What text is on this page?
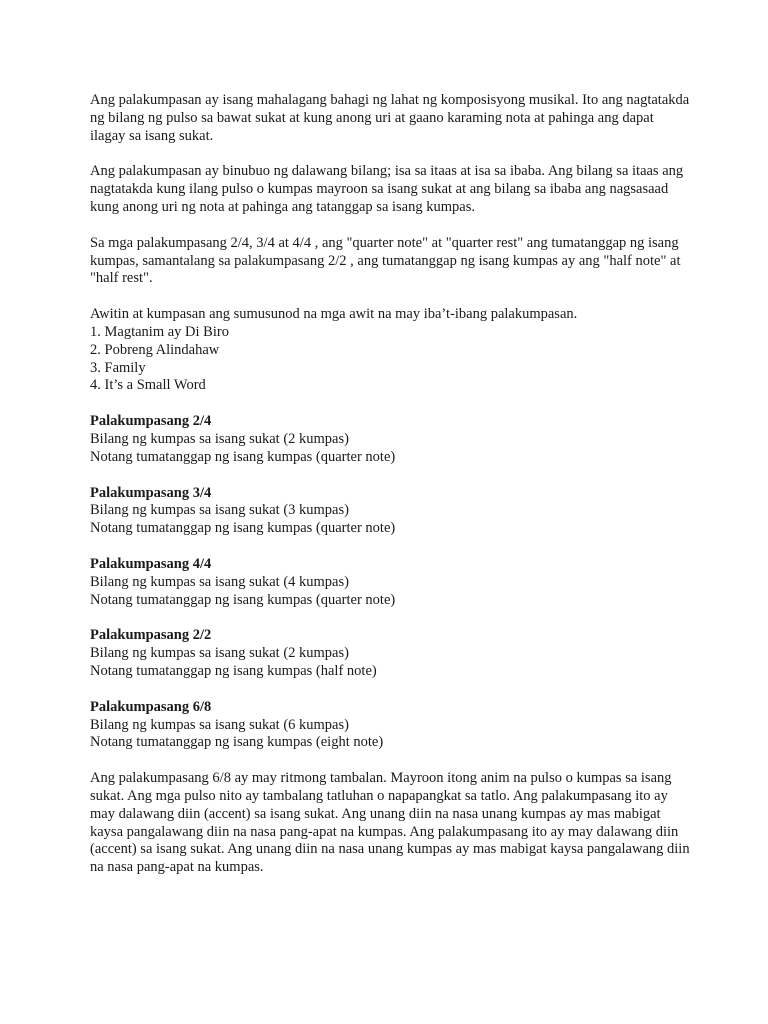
Ang palakumpasan ay isang mahalagang bahagi ng lahat ng komposisyong musikal. Ito ang nagtatakda ng bilang ng pulso sa bawat sukat at kung anong uri at gaano karaming nota at pahinga ang dapat ilagay sa isang sukat.

Ang palakumpasan ay binubuo ng dalawang bilang; isa sa itaas at isa sa ibaba. Ang bilang sa itaas ang nagtatakda kung ilang pulso o kumpas mayroon sa isang sukat at ang bilang sa ibaba ang nagsasaad kung anong uri ng nota at pahinga ang tatanggap sa isang kumpas.

Sa mga palakumpasang 2/4, 3/4 at 4/4 , ang "quarter note" at "quarter rest" ang tumatanggap ng isang kumpas, samantalang sa palakumpasang 2/2 , ang tumatanggap ng isang kumpas ay ang "half note" at "half rest".

Awitin at kumpasan ang sumusunod na mga awit na may iba’t-ibang palakumpasan.

1. Magtanim ay Di Biro
2. Pobreng Alindahaw
3. Family
4. It’s a Small Word

Palakumpasang 2/4

Bilang ng kumpas sa isang sukat (2 kumpas)

Notang tumatanggap ng isang kumpas (quarter note)

Palakumpasang 3/4

Bilang ng kumpas sa isang sukat (3 kumpas)

Notang tumatanggap ng isang kumpas (quarter note)

Palakumpasang 4/4

Bilang ng kumpas sa isang sukat (4 kumpas)

Notang tumatanggap ng isang kumpas (quarter note)

Palakumpasang 2/2

Bilang ng kumpas sa isang sukat (2 kumpas)

Notang tumatanggap ng isang kumpas (half note)

Palakumpasang 6/8

Bilang ng kumpas sa isang sukat (6 kumpas)

Notang tumatanggap ng isang kumpas (eight note)

Ang palakumpasang 6/8 ay may ritmong tambalan. Mayroon itong anim na pulso o kumpas sa isang sukat. Ang mga pulso nito ay tambalang tatluhan o napapangkat sa tatlo. Ang palakumpasang ito ay may dalawang diin (accent) sa isang sukat. Ang unang diin na nasa unang kumpas ay mas mabigat kaysa pangalawang diin na nasa pang-apat na kumpas. Ang palakumpasang ito ay may dalawang diin (accent) sa isang sukat. Ang unang diin na nasa unang kumpas ay mas mabigat kaysa pangalawang diin na nasa pang-apat na kumpas.
